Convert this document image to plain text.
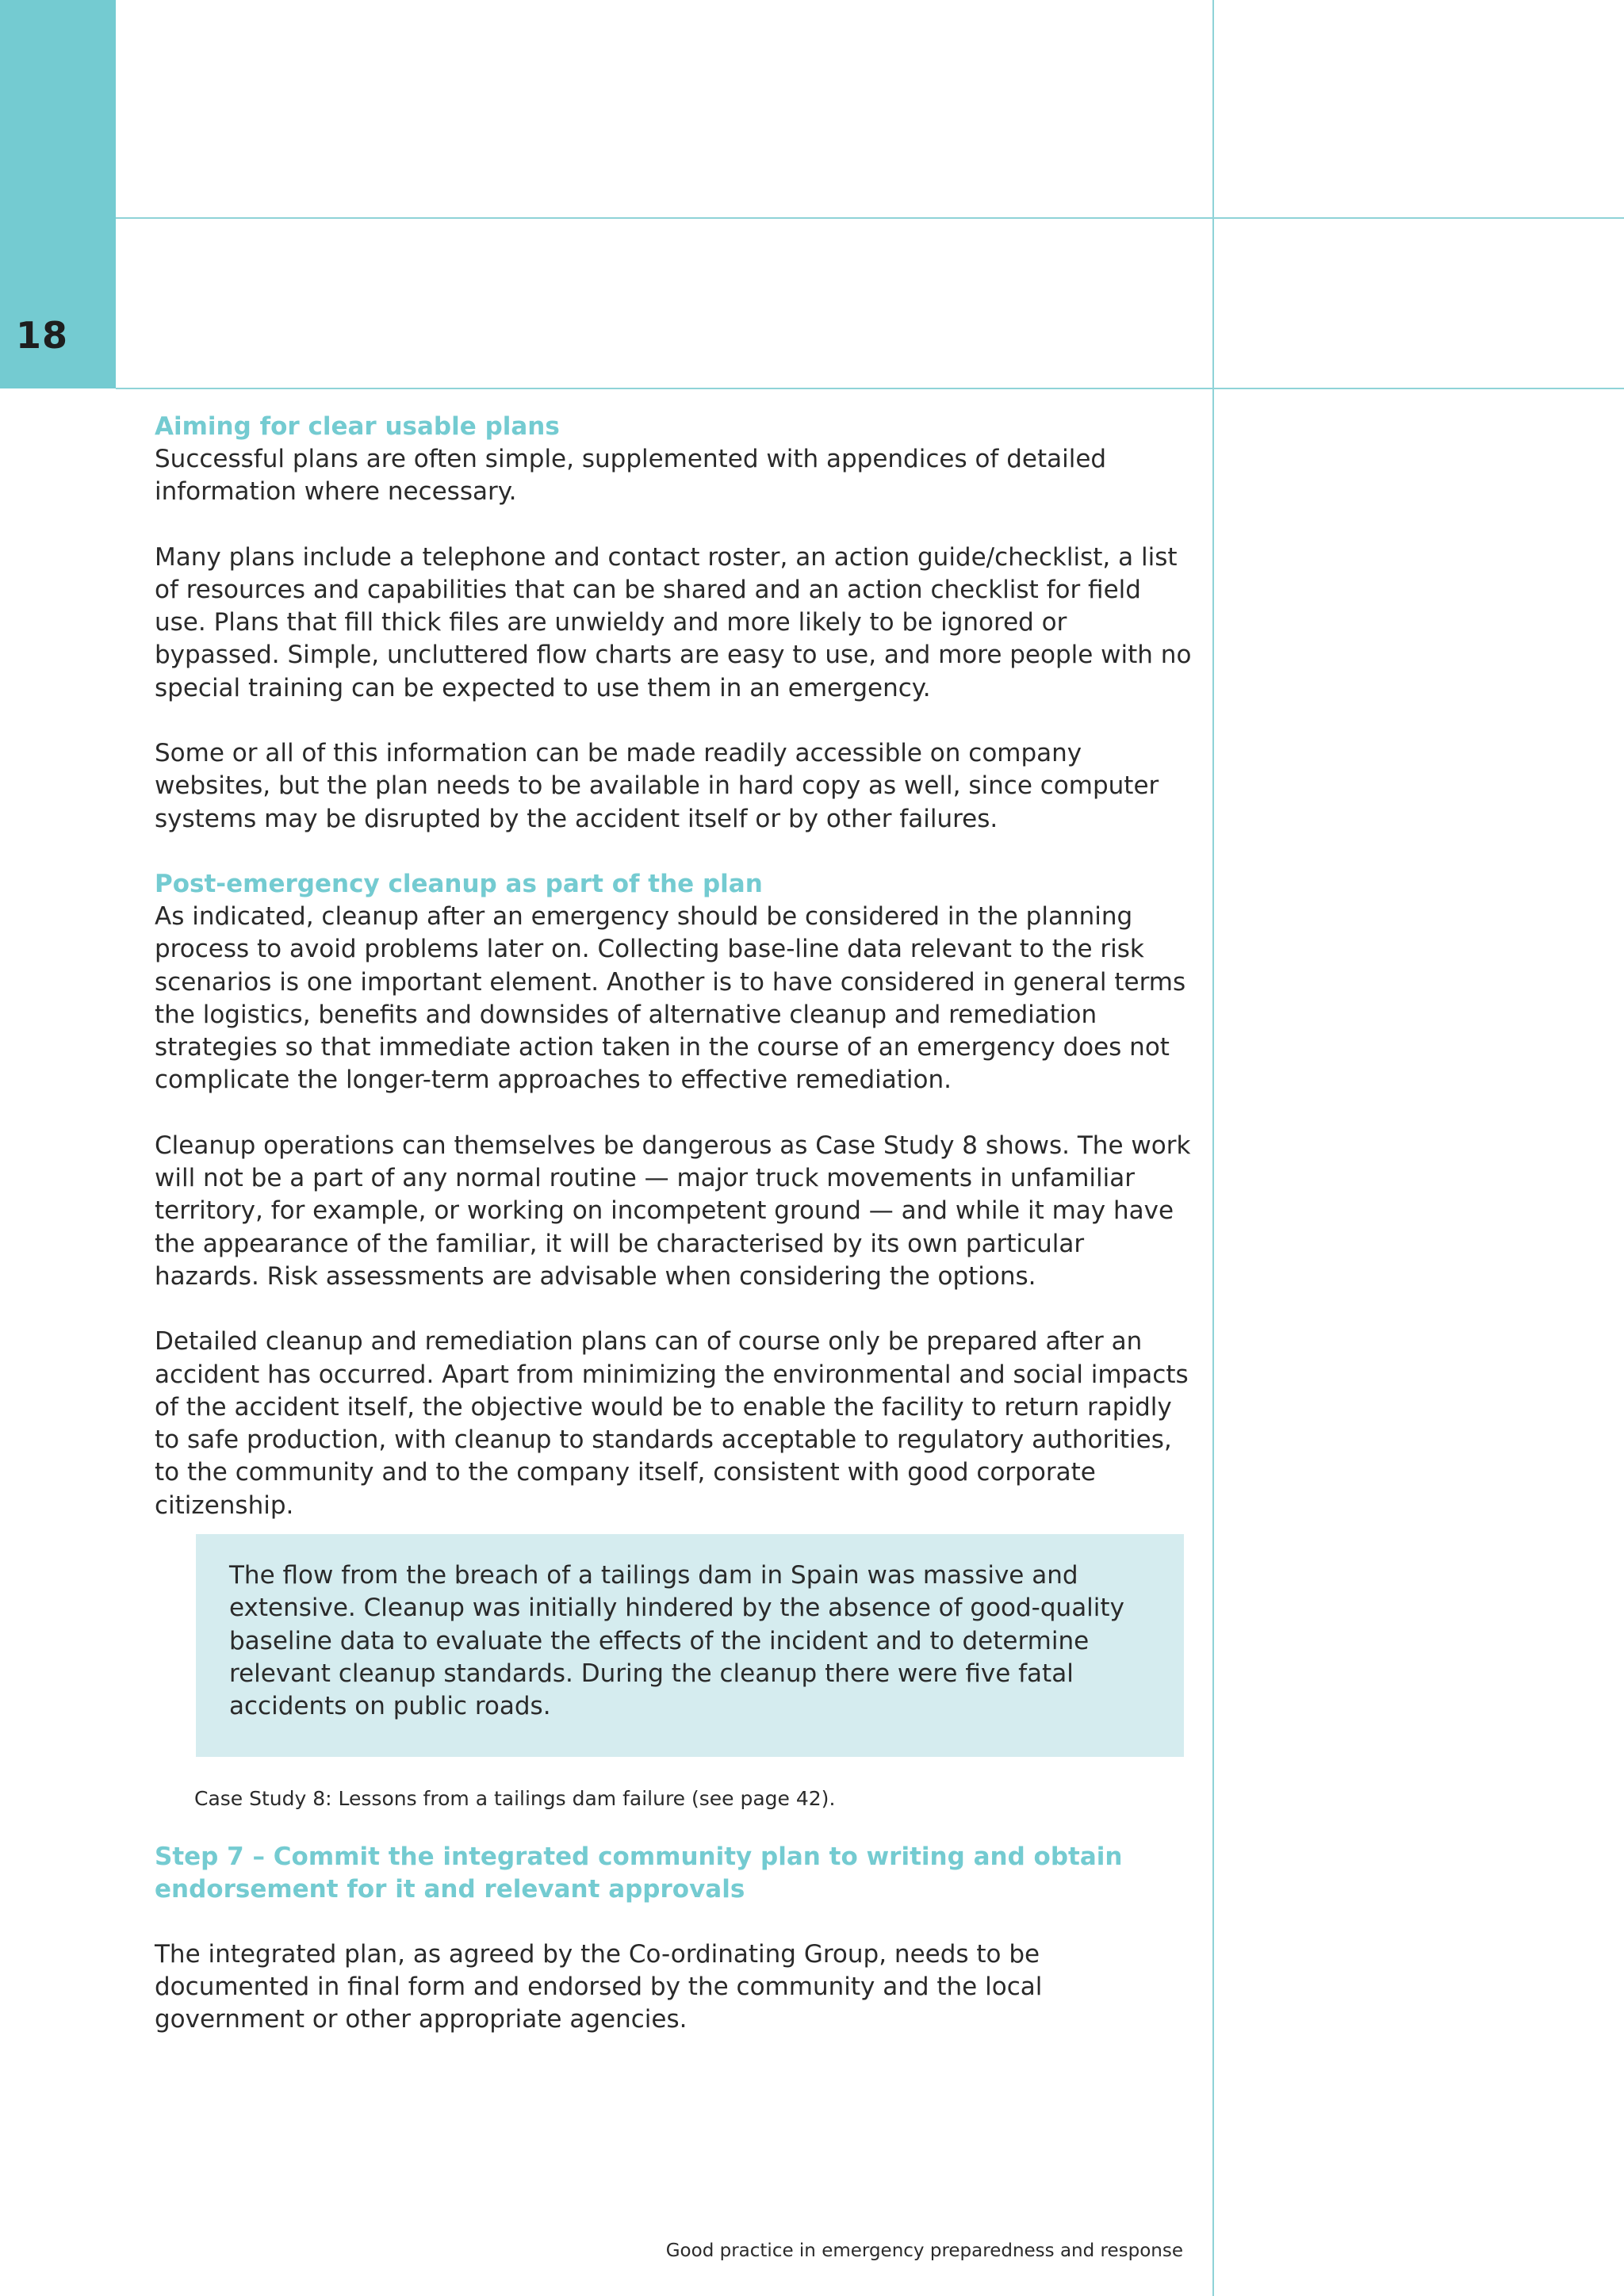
18
Aiming for clear usable plans

Successful plans are often simple, supplemented with appendices of detailed information where necessary.

Many plans include a telephone and contact roster, an action guide/checklist, a list of resources and capabilities that can be shared and an action checklist for field use. Plans that fill thick files are unwieldy and more likely to be ignored or bypassed. Simple, uncluttered flow charts are easy to use, and more people with no special training can be expected to use them in an emergency.

Some or all of this information can be made readily accessible on company websites, but the plan needs to be available in hard copy as well, since computer systems may be disrupted by the accident itself or by other failures.

Post-emergency cleanup as part of the plan

As indicated, cleanup after an emergency should be considered in the planning process to avoid problems later on. Collecting base-line data relevant to the risk scenarios is one important element. Another is to have considered in general terms the logistics, benefits and downsides of alternative cleanup and remediation strategies so that immediate action taken in the course of an emergency does not complicate the longer-term approaches to effective remediation.

Cleanup operations can themselves be dangerous as Case Study 8 shows. The work will not be a part of any normal routine — major truck movements in unfamiliar territory, for example, or working on incompetent ground — and while it may have the appearance of the familiar, it will be characterised by its own particular hazards. Risk assessments are advisable when considering the options.

Detailed cleanup and remediation plans can of course only be prepared after an accident has occurred. Apart from minimizing the environmental and social impacts of the accident itself, the objective would be to enable the facility to return rapidly to safe production, with cleanup to standards acceptable to regulatory authorities, to the community and to the company itself, consistent with good corporate citizenship.

The flow from the breach of a tailings dam in Spain was massive and extensive. Cleanup was initially hindered by the absence of good-quality baseline data to evaluate the effects of the incident and to determine relevant cleanup standards. During the cleanup there were five fatal accidents on public roads.

Case Study 8: Lessons from a tailings dam failure (see page 42).

Step 7 – Commit the integrated community plan to writing and obtain endorsement for it and relevant approvals

The integrated plan, as agreed by the Co-ordinating Group, needs to be documented in final form and endorsed by the community and the local government or other appropriate agencies.

Good practice in emergency preparedness and response
